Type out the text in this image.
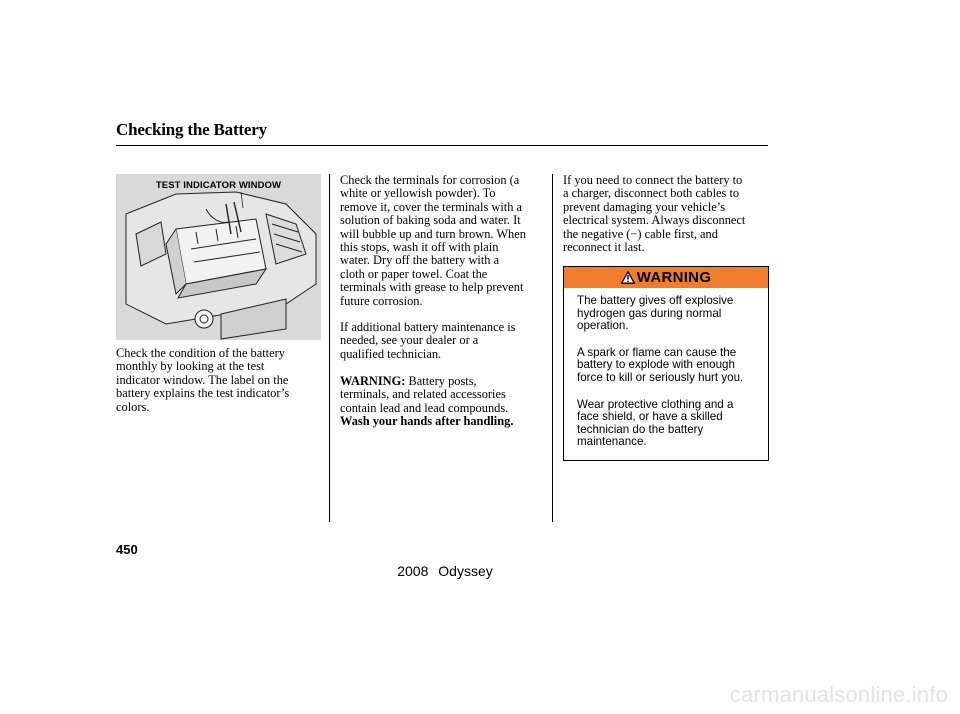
Checking the Battery
TEST INDICATOR WINDOW
Check the condition of the battery
monthly by looking at the test
indicator window. The label on the
battery explains the test indicator’s
colors.
Check the terminals for corrosion (a
white or yellowish powder). To
remove it, cover the terminals with a
solution of baking soda and water. It
will bubble up and turn brown. When
this stops, wash it off with plain
water. Dry off the battery with a
cloth or paper towel. Coat the
terminals with grease to help prevent
future corrosion.
If additional battery maintenance is
needed, see your dealer or a
qualified technician.
WARNING: Battery posts,
terminals, and related accessories
contain lead and lead compounds.
Wash your hands after handling.
If you need to connect the battery to
a charger, disconnect both cables to
prevent damaging your vehicle’s
electrical system. Always disconnect
the negative (−) cable first, and
reconnect it last.
WARNING
The battery gives off explosive
hydrogen gas during normal
operation.
A spark or flame can cause the
battery to explode with enough
force to kill or seriously hurt you.
Wear protective clothing and a
face shield, or have a skilled
technician do the battery
maintenance.
450
2008 Odyssey
carmanualsonline.info
